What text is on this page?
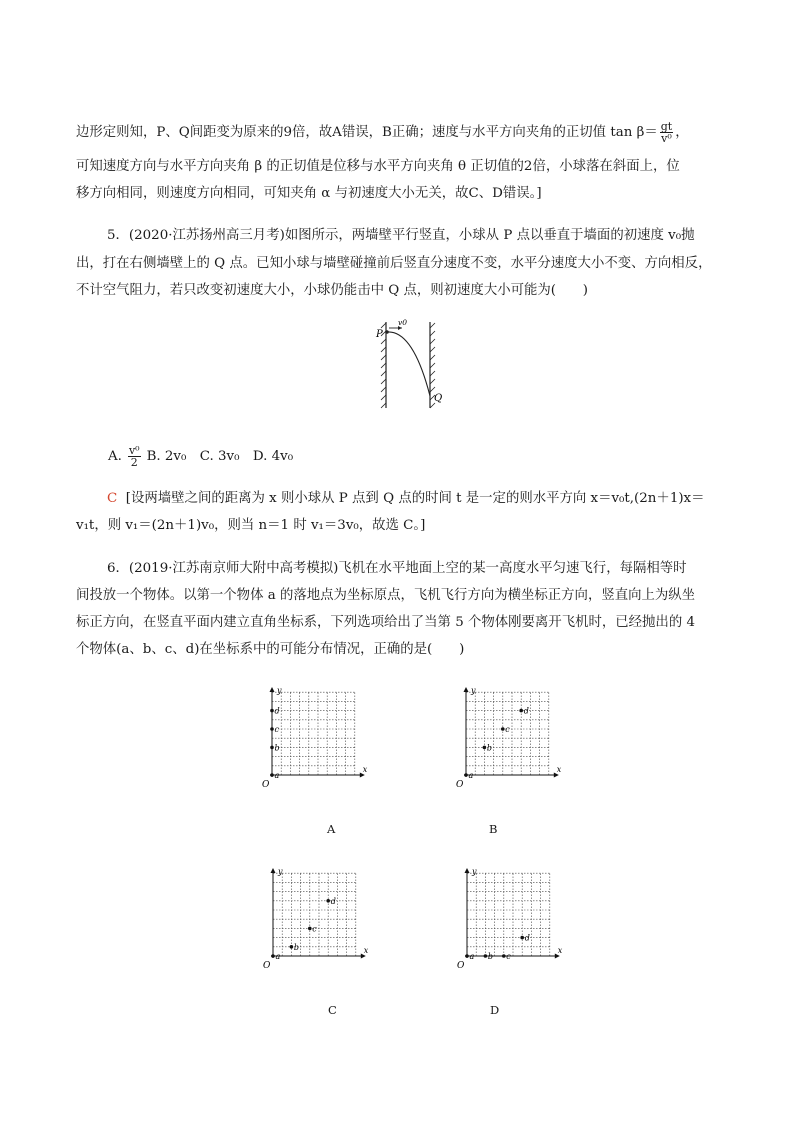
边形定则知，P、Q间距变为原来的9倍，故A错误，B正确；速度与水平方向夹角的正切值 $\tan \beta= \frac{gt}{\text{v⁰}}$ ，
可知速度方向与水平方向夹角 β 的正切值是位移与水平方向夹角 θ 正切值的2倍，小球落在斜面上，位
移方向相同，则速度方向相同，可知夹角 α 与初速度大小无关，故C、D错误。]
5．(2020·江苏扬州高三月考)如图所示，两墙壁平行竖直，小球从 P 点以垂直于墙面的初速度 v₀抛
出，打在右侧墙壁上的 Q 点。已知小球与墙壁碰撞前后竖直分速度不变，水平分速度大小不变、方向相反，
不计空气阻力，若只改变初速度大小，小球仍能击中 Q 点，则初速度大小可能为(　　)
P
v0
Q
A. $\frac{\text{v⁰}}{2} B$. 2v₀　C. 3v₀　D. 4v₀
C [设两墙壁之间的距离为 x 则小球从 P 点到 Q 点的时间 t 是一定的则水平方向 x＝v₀t,(2n＋1)x＝
v₁t，则 v₁＝(2n＋1)v₀，则当 n＝1 时 v₁＝3v₀，故选 C。]
6．(2019·江苏南京师大附中高考模拟)飞机在水平地面上空的某一高度水平匀速飞行，每隔相等时
间投放一个物体。以第一个物体 a 的落地点为坐标原点，飞机飞行方向为横坐标正方向，竖直向上为纵坐
标正方向，在竖直平面内建立直角坐标系，下列选项给出了当第 5 个物体刚要离开飞机时，已经抛出的 4
个物体(a、b、c、d)在坐标系中的可能分布情况，正确的是(　　)
y
x
O
a
b
c
d
A
y
x
O
a
b
c
d
B
y
x
O
a
b
c
d
C
y
x
O
a b c
d
D
